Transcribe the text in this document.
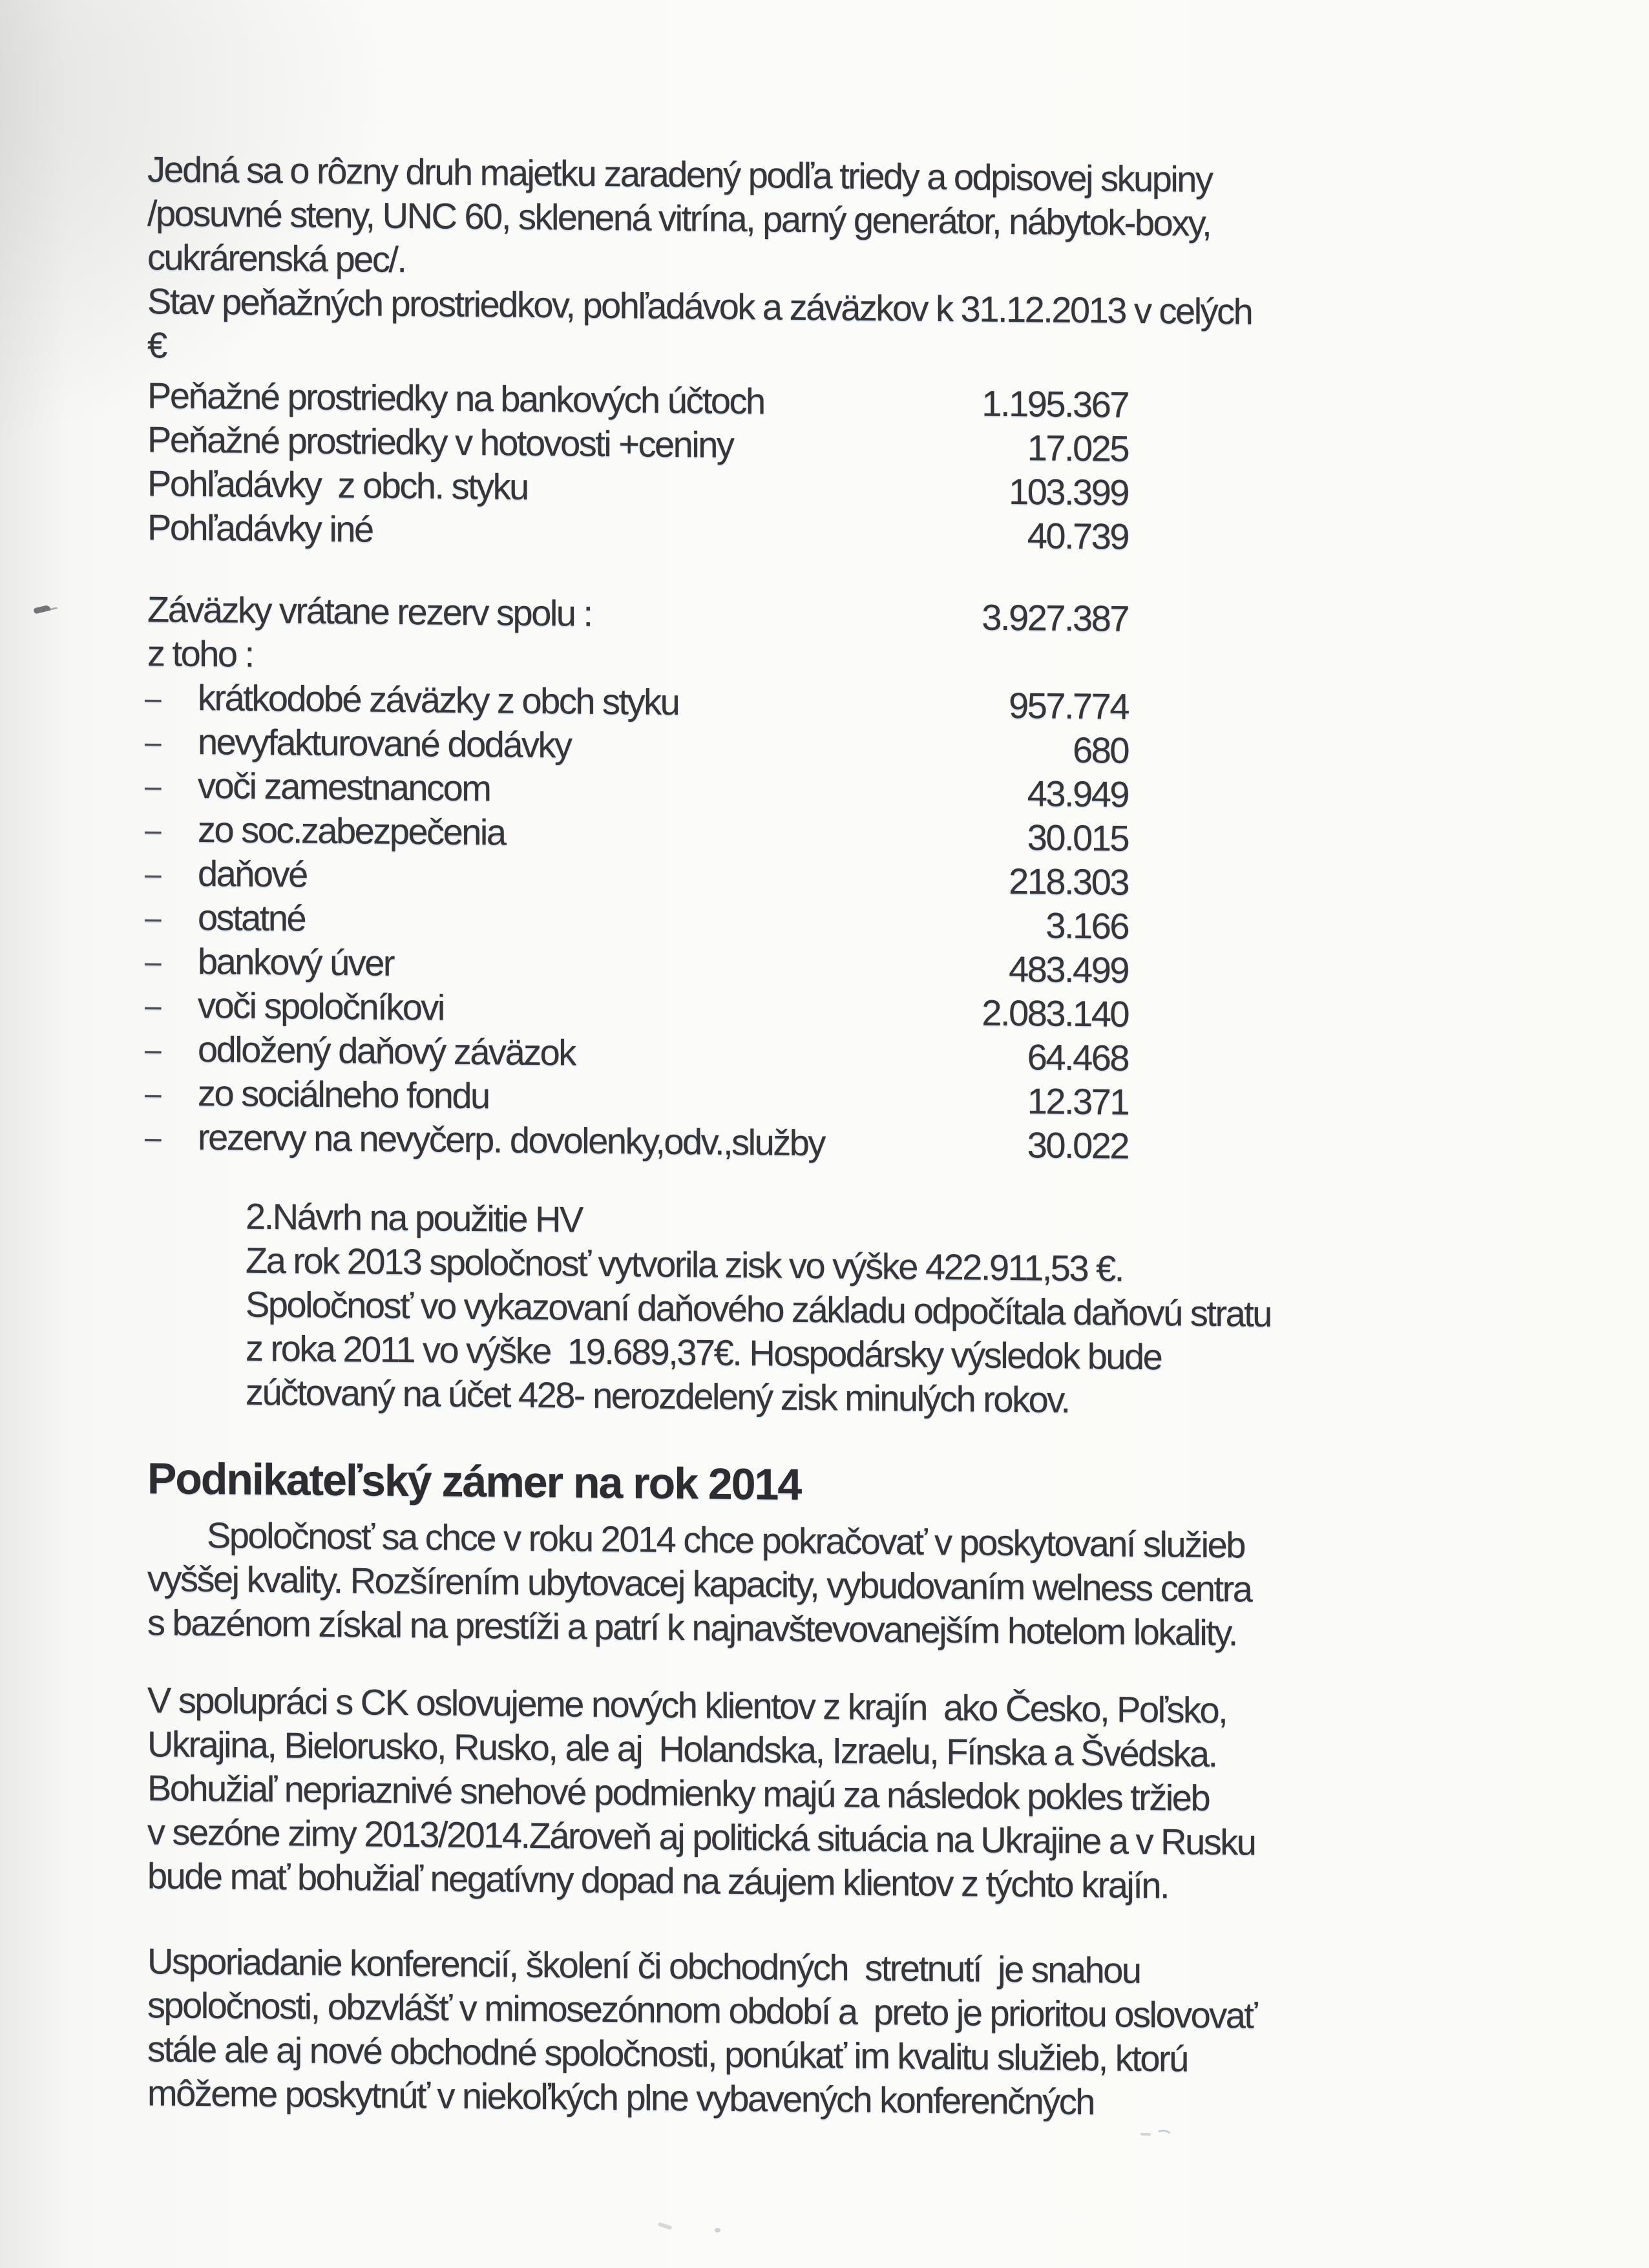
Jedná sa o rôzny druh majetku zaradený podľa triedy a odpisovej skupiny
/posuvné steny, UNC 60, sklenená vitrína, parný generátor, nábytok-boxy,
cukrárenská pec/.
Stav peňažných prostriedkov, pohľadávok a záväzkov k 31.12.2013 v celých
€
Peňažné prostriedky na bankových účtoch	1.195.367
Peňažné prostriedky v hotovosti +ceniny	17.025
Pohľadávky  z obch. styku	103.399
Pohľadávky iné	40.739
Záväzky vrátane rezerv spolu :	3.927.387
z toho :
– krátkodobé záväzky z obch styku	957.774
– nevyfakturované dodávky	680
– voči zamestnancom	43.949
– zo soc.zabezpečenia	30.015
– daňové	218.303
– ostatné	3.166
– bankový úver	483.499
– voči spoločníkovi	2.083.140
– odložený daňový záväzok	64.468
– zo sociálneho fondu	12.371
– rezervy na nevyčerp. dovolenky,odv.,služby	30.022
2.Návrh na použitie HV
Za rok 2013 spoločnosť vytvorila zisk vo výške 422.911,53 €.
Spoločnosť vo vykazovaní daňového základu odpočítala daňovú stratu
z roka 2011 vo výške  19.689,37€. Hospodársky výsledok bude
zúčtovaný na účet 428- nerozdelený zisk minulých rokov.
Podnikateľský zámer na rok 2014
Spoločnosť sa chce v roku 2014 chce pokračovať v poskytovaní služieb
vyššej kvality. Rozšírením ubytovacej kapacity, vybudovaním welness centra
s bazénom získal na prestíži a patrí k najnavštevovanejším hotelom lokality.
V spolupráci s CK oslovujeme nových klientov z krajín  ako Česko, Poľsko,
Ukrajina, Bielorusko, Rusko, ale aj  Holandska, Izraelu, Fínska a Švédska.
Bohužiaľ nepriaznivé snehové podmienky majú za následok pokles tržieb
v sezóne zimy 2013/2014.Zároveň aj politická situácia na Ukrajine a v Rusku
bude mať bohužiaľ negatívny dopad na záujem klientov z týchto krajín.
Usporiadanie konferencií, školení či obchodných  stretnutí  je snahou
spoločnosti, obzvlášť v mimosezónnom období a  preto je prioritou oslovovať
stále ale aj nové obchodné spoločnosti, ponúkať im kvalitu služieb, ktorú
môžeme poskytnúť v niekoľkých plne vybavených konferenčných
